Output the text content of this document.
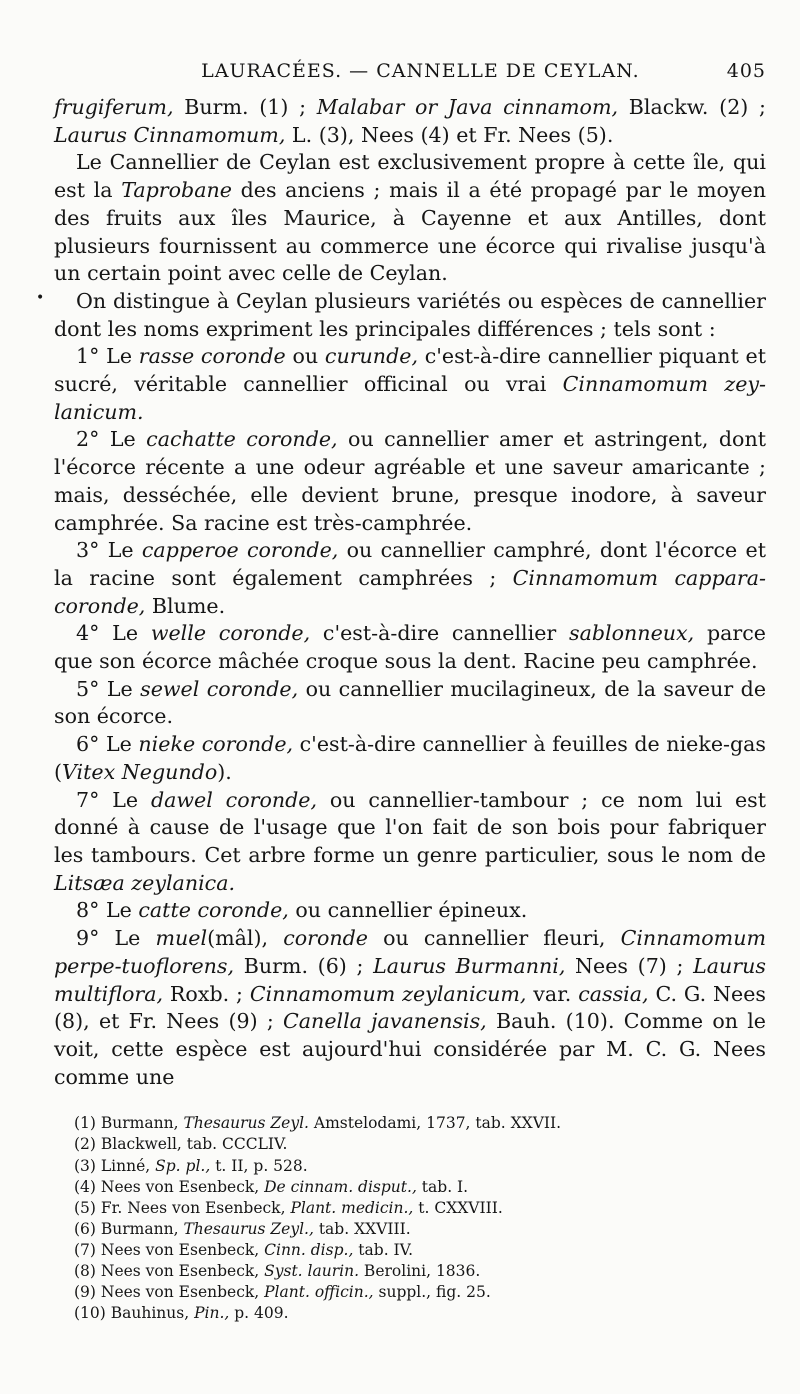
•
LAURACÉES. — CANNELLE DE CEYLAN.	405

frugiferum, Burm. (1) ; Malabar or Java cinnamom, Blackw. (2) ; Laurus Cinnamomum, L. (3), Nees (4) et Fr. Nees (5).

Le Cannellier de Ceylan est exclusivement propre à cette île, qui est la Taprobane des anciens ; mais il a été propagé par le moyen des fruits aux îles Maurice, à Cayenne et aux Antilles, dont plusieurs fournissent au commerce une écorce qui rivalise jusqu'à un certain point avec celle de Ceylan.

On distingue à Ceylan plusieurs variétés ou espèces de cannellier dont les noms expriment les principales différences ; tels sont :

1° Le rasse coronde ou curunde, c'est-à-dire cannellier piquant et sucré, véritable cannellier officinal ou vrai Cinnamomum zey-lanicum.

2° Le cachatte coronde, ou cannellier amer et astringent, dont l'écorce récente a une odeur agréable et une saveur amaricante ; mais, desséchée, elle devient brune, presque inodore, à saveur camphrée. Sa racine est très-camphrée.

3° Le capperoe coronde, ou cannellier camphré, dont l'écorce et la racine sont également camphrées ; Cinnamomum cappara-coronde, Blume.

4° Le welle coronde, c'est-à-dire cannellier sablonneux, parce que son écorce mâchée croque sous la dent. Racine peu camphrée.

5° Le sewel coronde, ou cannellier mucilagineux, de la saveur de son écorce.

6° Le nieke coronde, c'est-à-dire cannellier à feuilles de nieke-gas (Vitex Negundo).

7° Le dawel coronde, ou cannellier-tambour ; ce nom lui est donné à cause de l'usage que l'on fait de son bois pour fabriquer les tambours. Cet arbre forme un genre particulier, sous le nom de Litsæa zeylanica.

8° Le catte coronde, ou cannellier épineux.

9° Le muel(mâl), coronde ou cannellier fleuri, Cinnamomum perpe-tuoflorens, Burm. (6) ; Laurus Burmanni, Nees (7) ; Laurus multiflora, Roxb. ; Cinnamomum zeylanicum, var. cassia, C. G. Nees (8), et Fr. Nees (9) ; Canella javanensis, Bauh. (10). Comme on le voit, cette espèce est aujourd'hui considérée par M. C. G. Nees comme une

(1) Burmann, Thesaurus Zeyl. Amstelodami, 1737, tab. XXVII.
(2) Blackwell, tab. CCCLIV.
(3) Linné, Sp. pl., t. II, p. 528.
(4) Nees von Esenbeck, De cinnam. disput., tab. I.
(5) Fr. Nees von Esenbeck, Plant. medicin., t. CXXVIII.
(6) Burmann, Thesaurus Zeyl., tab. XXVIII.
(7) Nees von Esenbeck, Cinn. disp., tab. IV.
(8) Nees von Esenbeck, Syst. laurin. Berolini, 1836.
(9) Nees von Esenbeck, Plant. officin., suppl., fig. 25.
(10) Bauhinus, Pin., p. 409.
